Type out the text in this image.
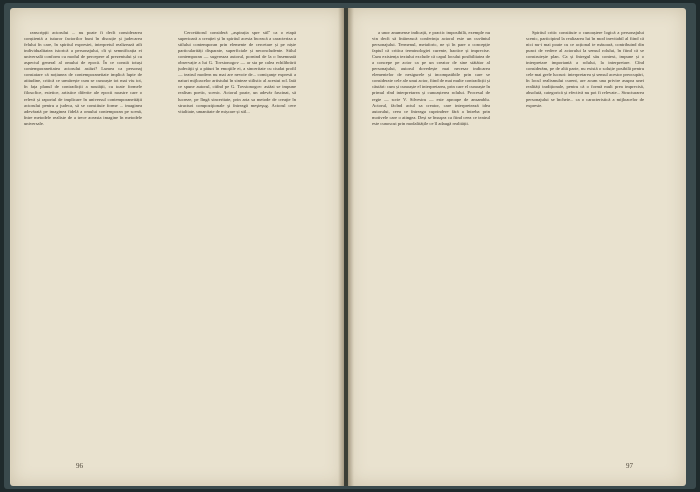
ranscripții actorului ... nu poate fi decît considerarea conștientă a tuturor factorilor buni în discuție și judecarea felului în care, în spiritul expresiei, interpretul realizează atît individualitatea istorică a personajului, cît și semnificația ei universală conform cu modul de percepere al prezentului și cu aspectul general al omului de epocă. În ce constă totuși contemporaneitatea actorului astăzi? Lumea ca personaj constatare că noțiunea de contemporaneitate implică lupte de atitudine, critică ce urmărește cum se cunoaște tot mai viu tot, în fața planul de contradicții a noutății, cu toate formele filosofice, estetice, artistice diferite ale epocii noastre care o relevă și raportul de implicare în universul contemporaneității actorului pentru a judeca, să se constituie forme ... imaginea adevărată pe imaginea fidelă a omului contemporan pe scenă, între metodele realiste de a trece aceasta imagine în metodele universale.

Cercetătorul consideră ,,aspirația spre stil'' ca o etapă superioară a creației și în spiritul acesta înceacă a caracteriza a stilului contemporan prin elemente de cercetare și pe niște particularități disparate, superficiale și neconcludente. Stilul contemporan — sugereaza autorul, pornind de la o însemnată observație a lui G. Tovstonogov — ar sta pe calea echilibrării judecăţii şi a pături în emoţiile ei, a sinceritate cu ciudat profil — teatrul modern nu mai are nevoie de... comiçanţe expresii a naturi mijloacelor artistului în sinteze stilistic al acestui rol. Iată ce spune autorul, citînd pe G. Tovstonogov: astăzi se impune realism poetic, scenic. Actorul poate, un adevăr fascinat, să lucreze, pe lîngă sinceritate, prin arta sa metode de creaţie în structuri compoziţionale şi întreagă meşteşug. Actorul cere vitalitate, umanitate de mișcare și stil...

96

a unor anumense indicații, e practic imposibilă, exemple nu vin decît să întărească conferința actoral este un cuvântul personajului. Termenul, metaforic, ne și în pare o concepție faptul că critica terminologiei curente, haotice și imprecise. Cum existența textului exclude că capul locului posibilitatea de a concepe pe actor ca pe un creator de sine stătător al personajului, autorul dovedește mai necesar indicarea elementelor de nesigurele și incompatibile prin care se considerate cele ale unui actor, fiind de mai multe contradicții și căutări: cum și cunoaște el interpretarea, prin care el cunoaște în primul rînd interpretarea și cunoașterea rolului. Procesul de regie — scrie V. Silvestru — este aproape de ansamblu. Actorul, făcînd actul sa creator, care interpretează idea autorului, ceea ce întreaga cuprindere fără a întreba prin motivele care o atingea. Deși se însuşea ca fiind ceea ce teatrul este cunoscut prin modalitățile ce îl adaugă realității.

Spiritul critic constituie o cunoaștere logică a personajului scenic, participind la realizarea lui în mod inevitabil al fiind că nici nu-i mai poate cu ce acțional te măsoară, contribuind din punct de vedere al actorului la sensul rolului, în fiind că se construiește plan. Ca și întregul său context, impune și o interpretare importantă a rolului, la interpretare. Cînd considerăm, pe de altă parte, nu există o soluție posibilă pentru cele mai grele lucruri: interpretarea și sensul acestor preocupări, în locul realismului curent, are acum una privire asupra unei realități tradiționale, pentru că o formă mult prea imprecisă, absolută, categorică și efectivă nu pot fi relevate... Structurarea personajului se încheie... ca o caracteristică a mijloacelor de expresie.

97
